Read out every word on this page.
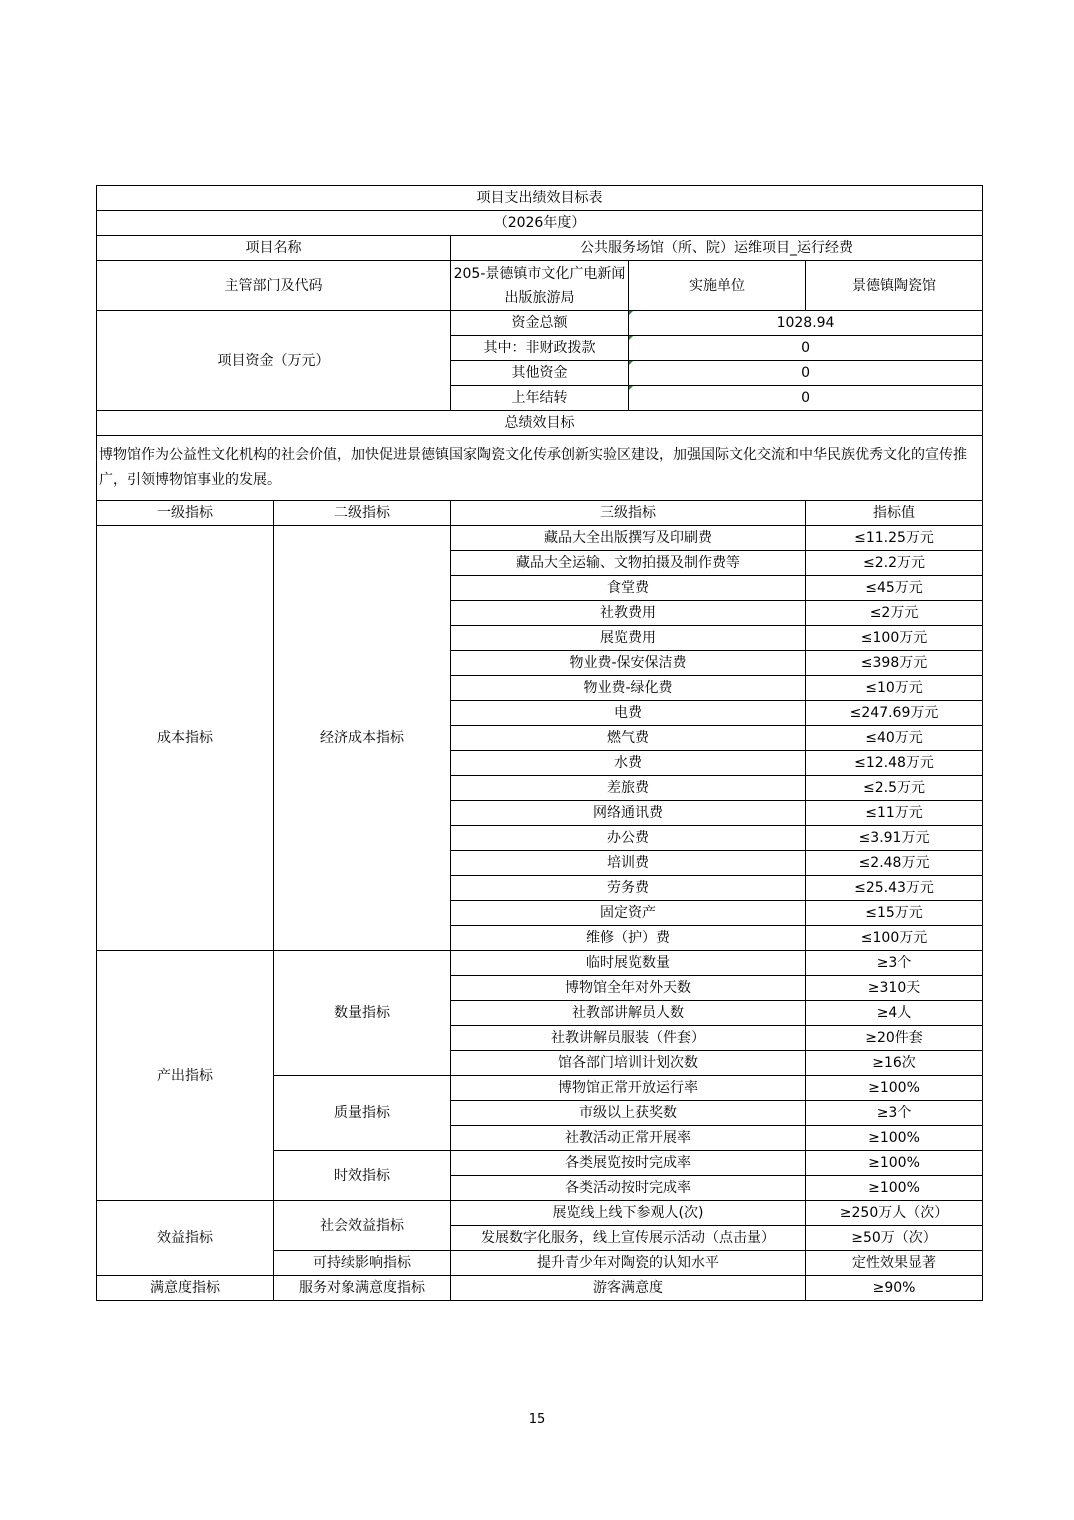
项目支出绩效目标表				
（2026年度）				
项目名称		公共服务场馆（所、院）运维项目_运行经费		
主管部门及代码		205-景德镇市文化广电新闻出版旅游局	实施单位	景德镇陶瓷馆
项目资金（万元）		资金总额	1028.94	
		其中：非财政拨款	0	
		其他资金	0	
		上年结转	0	
总绩效目标				
博物馆作为公益性文化机构的社会价值，加快促进景德镇国家陶瓷文化传承创新实验区建设，加强国际文化交流和中华民族优秀文化的宣传推广，引领博物馆事业的发展。				
一级指标	二级指标	三级指标		指标值
成本指标	经济成本指标	藏品大全出版撰写及印刷费		≤11.25万元
		藏品大全运输、文物拍摄及制作费等		≤2.2万元
		食堂费		≤45万元
		社教费用		≤2万元
		展览费用		≤100万元
		物业费-保安保洁费		≤398万元
		物业费-绿化费		≤10万元
		电费		≤247.69万元
		燃气费		≤40万元
		水费		≤12.48万元
		差旅费		≤2.5万元
		网络通讯费		≤11万元
		办公费		≤3.91万元
		培训费		≤2.48万元
		劳务费		≤25.43万元
		固定资产		≤15万元
		维修（护）费		≤100万元
产出指标	数量指标	临时展览数量		≥3个
		博物馆全年对外天数		≥310天
		社教部讲解员人数		≥4人
		社教讲解员服装（件套）		≥20件套
		馆各部门培训计划次数		≥16次
	质量指标	博物馆正常开放运行率		≥100%
		市级以上获奖数		≥3个
		社教活动正常开展率		≥100%
	时效指标	各类展览按时完成率		≥100%
		各类活动按时完成率		≥100%
效益指标	社会效益指标	展览线上线下参观人(次)		≥250万人（次）
		发展数字化服务，线上宣传展示活动（点击量）		≥50万（次）
	可持续影响指标	提升青少年对陶瓷的认知水平		定性效果显著
满意度指标	服务对象满意度指标	游客满意度		≥90%
15
